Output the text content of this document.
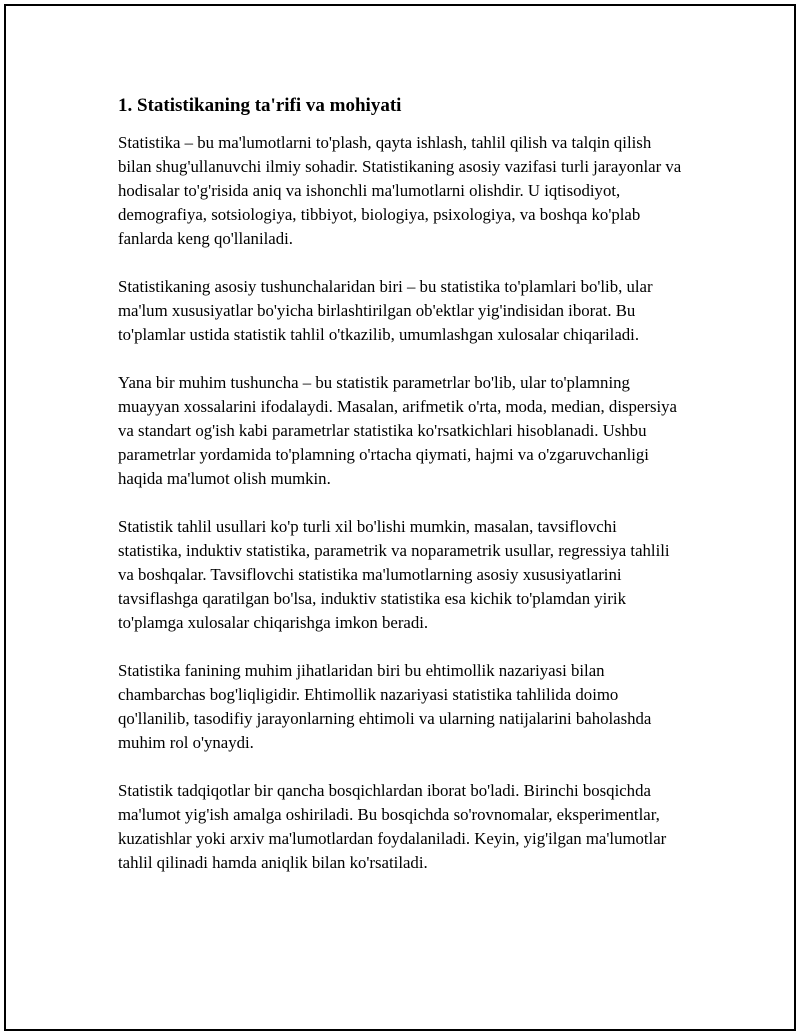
1. Statistikaning ta'rifi va mohiyati

Statistika – bu ma'lumotlarni to'plash, qayta ishlash, tahlil qilish va talqin qilish bilan shug'ullanuvchi ilmiy sohadir. Statistikaning asosiy vazifasi turli jarayonlar va hodisalar to'g'risida aniq va ishonchli ma'lumotlarni olishdir. U iqtisodiyot, demografiya, sotsiologiya, tibbiyot, biologiya, psixologiya, va boshqa ko'plab fanlarda keng qo'llaniladi.

Statistikaning asosiy tushunchalaridan biri – bu statistika to'plamlari bo'lib, ular ma'lum xususiyatlar bo'yicha birlashtirilgan ob'ektlar yig'indisidan iborat. Bu to'plamlar ustida statistik tahlil o'tkazilib, umumlashgan xulosalar chiqariladi.

Yana bir muhim tushuncha – bu statistik parametrlar bo'lib, ular to'plamning muayyan xossalarini ifodalaydi. Masalan, arifmetik o'rta, moda, median, dispersiya va standart og'ish kabi parametrlar statistika ko'rsatkichlari hisoblanadi. Ushbu parametrlar yordamida to'plamning o'rtacha qiymati, hajmi va o'zgaruvchanligi haqida ma'lumot olish mumkin.

Statistik tahlil usullari ko'p turli xil bo'lishi mumkin, masalan, tavsiflovchi statistika, induktiv statistika, parametrik va noparametrik usullar, regressiya tahlili va boshqalar. Tavsiflovchi statistika ma'lumotlarning asosiy xususiyatlarini tavsiflashga qaratilgan bo'lsa, induktiv statistika esa kichik to'plamdan yirik to'plamga xulosalar chiqarishga imkon beradi.

Statistika fanining muhim jihatlaridan biri bu ehtimollik nazariyasi bilan chambarchas bog'liqligidir. Ehtimollik nazariyasi statistika tahlilida doimo qo'llanilib, tasodifiy jarayonlarning ehtimoli va ularning natijalarini baholashda muhim rol o'ynaydi.

Statistik tadqiqotlar bir qancha bosqichlardan iborat bo'ladi. Birinchi bosqichda ma'lumot yig'ish amalga oshiriladi. Bu bosqichda so'rovnomalar, eksperimentlar, kuzatishlar yoki arxiv ma'lumotlardan foydalaniladi. Keyin, yig'ilgan ma'lumotlar tahlil qilinadi hamda aniqlik bilan ko'rsatiladi.
